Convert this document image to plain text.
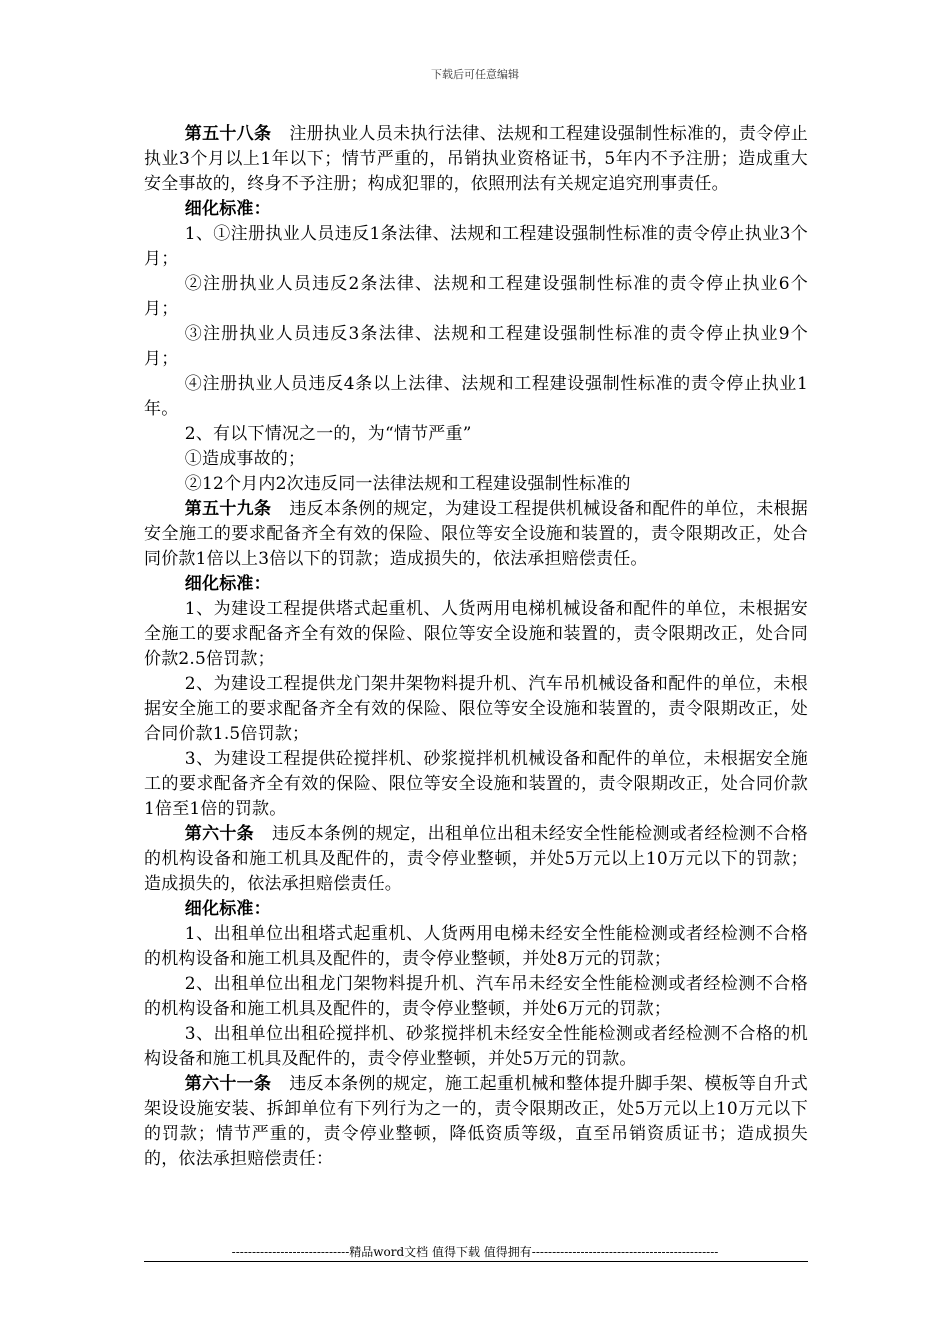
下载后可任意编辑

第五十八条 注册执业人员未执行法律、法规和工程建设强制性标准的，责令停止执业3个月以上1年以下；情节严重的，吊销执业资格证书，5年内不予注册；造成重大安全事故的，终身不予注册；构成犯罪的，依照刑法有关规定追究刑事责任。

细化标准：

1、①注册执业人员违反1条法律、法规和工程建设强制性标准的责令停止执业3个月；

②注册执业人员违反2条法律、法规和工程建设强制性标准的责令停止执业6个月；

③注册执业人员违反3条法律、法规和工程建设强制性标准的责令停止执业9个月；

④注册执业人员违反4条以上法律、法规和工程建设强制性标准的责令停止执业1年。

2、有以下情况之一的，为“情节严重”

①造成事故的；

②12个月内2次违反同一法律法规和工程建设强制性标准的

第五十九条 违反本条例的规定，为建设工程提供机械设备和配件的单位，未根据安全施工的要求配备齐全有效的保险、限位等安全设施和装置的，责令限期改正，处合同价款1倍以上3倍以下的罚款；造成损失的，依法承担赔偿责任。

细化标准：

1、为建设工程提供塔式起重机、人货两用电梯机械设备和配件的单位，未根据安全施工的要求配备齐全有效的保险、限位等安全设施和装置的，责令限期改正，处合同价款2.5倍罚款；

2、为建设工程提供龙门架井架物料提升机、汽车吊机械设备和配件的单位，未根据安全施工的要求配备齐全有效的保险、限位等安全设施和装置的，责令限期改正，处合同价款1.5倍罚款；

3、为建设工程提供砼搅拌机、砂浆搅拌机机械设备和配件的单位，未根据安全施工的要求配备齐全有效的保险、限位等安全设施和装置的，责令限期改正，处合同价款1倍至1倍的罚款。

第六十条 违反本条例的规定，出租单位出租未经安全性能检测或者经检测不合格的机构设备和施工机具及配件的，责令停业整顿，并处5万元以上10万元以下的罚款；造成损失的，依法承担赔偿责任。

细化标准：

1、出租单位出租塔式起重机、人货两用电梯未经安全性能检测或者经检测不合格的机构设备和施工机具及配件的，责令停业整顿，并处8万元的罚款；

2、出租单位出租龙门架物料提升机、汽车吊未经安全性能检测或者经检测不合格的机构设备和施工机具及配件的，责令停业整顿，并处6万元的罚款；

3、出租单位出租砼搅拌机、砂浆搅拌机未经安全性能检测或者经检测不合格的机构设备和施工机具及配件的，责令停业整顿，并处5万元的罚款。

第六十一条 违反本条例的规定，施工起重机械和整体提升脚手架、模板等自升式架设设施安装、拆卸单位有下列行为之一的，责令限期改正，处5万元以上10万元以下的罚款；情节严重的，责令停业整顿，降低资质等级，直至吊销资质证书；造成损失的，依法承担赔偿责任：

-----------------------------精品word文档 值得下载 值得拥有----------------------------------------------
